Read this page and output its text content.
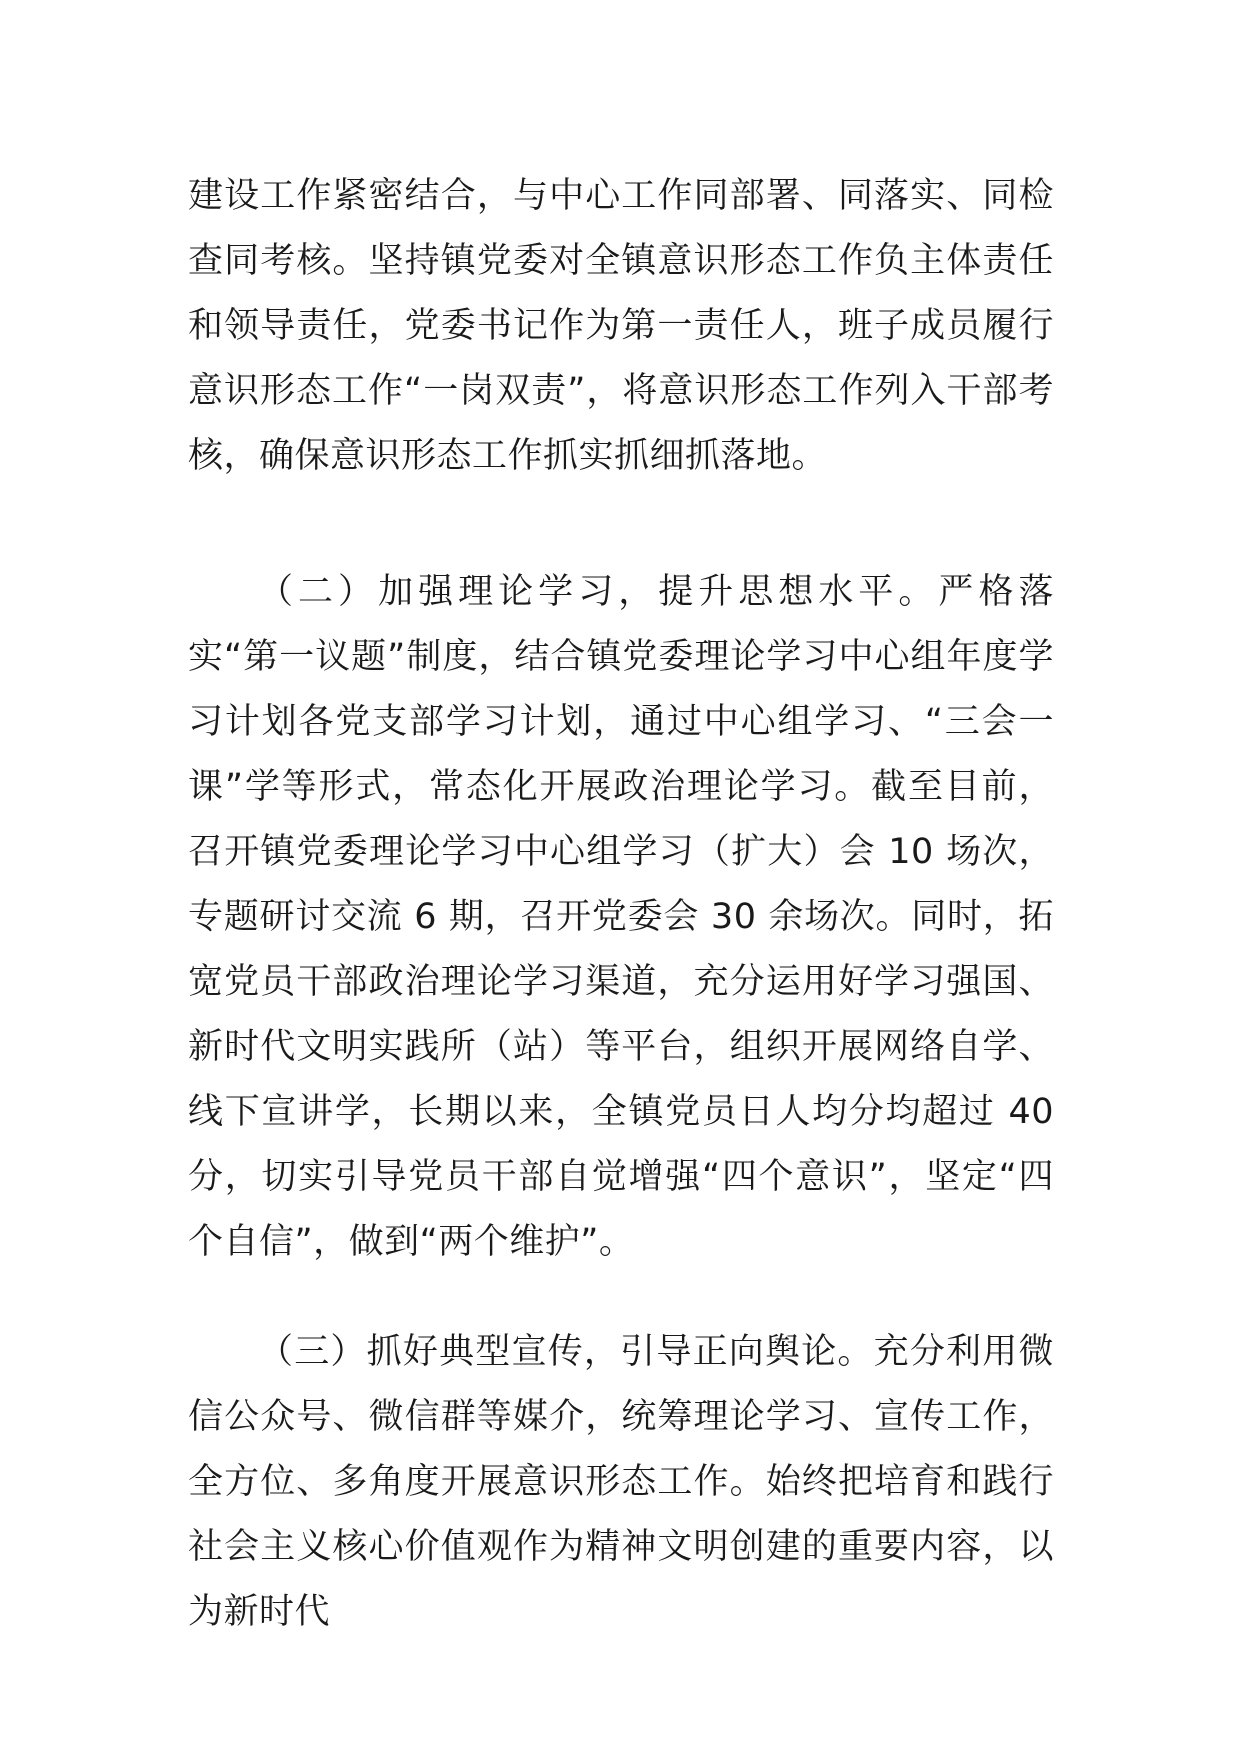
建设工作紧密结合，与中心工作同部署、同落实、同检查同考核。坚持镇党委对全镇意识形态工作负主体责任和领导责任，党委书记作为第一责任人，班子成员履行意识形态工作“一岗双责”，将意识形态工作列入干部考核，确保意识形态工作抓实抓细抓落地。

（二）加强理论学习，提升思想水平。严格落实“第一议题”制度，结合镇党委理论学习中心组年度学习计划各党支部学习计划，通过中心组学习、“三会一课”学等形式，常态化开展政治理论学习。截至目前，召开镇党委理论学习中心组学习（扩大）会 10 场次，专题研讨交流 6 期，召开党委会 30 余场次。同时，拓宽党员干部政治理论学习渠道，充分运用好学习强国、新时代文明实践所（站）等平台，组织开展网络自学、线下宣讲学，长期以来，全镇党员日人均分均超过 40 分，切实引导党员干部自觉增强“四个意识”，坚定“四个自信”，做到“两个维护”。

（三）抓好典型宣传，引导正向舆论。充分利用微信公众号、微信群等媒介，统筹理论学习、宣传工作，全方位、多角度开展意识形态工作。始终把培育和践行社会主义核心价值观作为精神文明创建的重要内容，以为新时代
